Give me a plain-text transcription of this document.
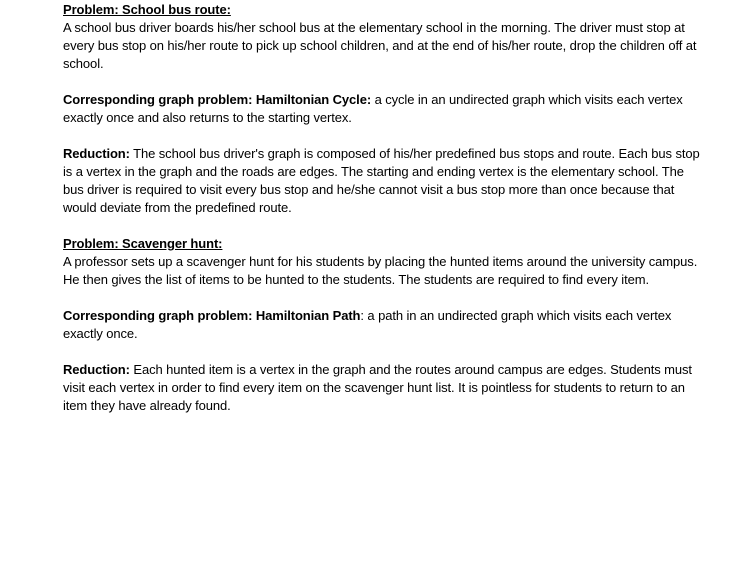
Problem: School bus route:

A school bus driver boards his/her school bus at the elementary school in the morning. The driver must stop at every bus stop on his/her route to pick up school children, and at the end of his/her route, drop the children off at school.

Corresponding graph problem: Hamiltonian Cycle: a cycle in an undirected graph which visits each vertex exactly once and also returns to the starting vertex.

Reduction: The school bus driver's graph is composed of his/her predefined bus stops and route. Each bus stop is a vertex in the graph and the roads are edges. The starting and ending vertex is the elementary school. The bus driver is required to visit every bus stop and he/she cannot visit a bus stop more than once because that would deviate from the predefined route.

Problem: Scavenger hunt:

A professor sets up a scavenger hunt for his students by placing the hunted items around the university campus. He then gives the list of items to be hunted to the students. The students are required to find every item.

Corresponding graph problem: Hamiltonian Path: a path in an undirected graph which visits each vertex exactly once.

Reduction: Each hunted item is a vertex in the graph and the routes around campus are edges. Students must visit each vertex in order to find every item on the scavenger hunt list. It is pointless for students to return to an item they have already found.
